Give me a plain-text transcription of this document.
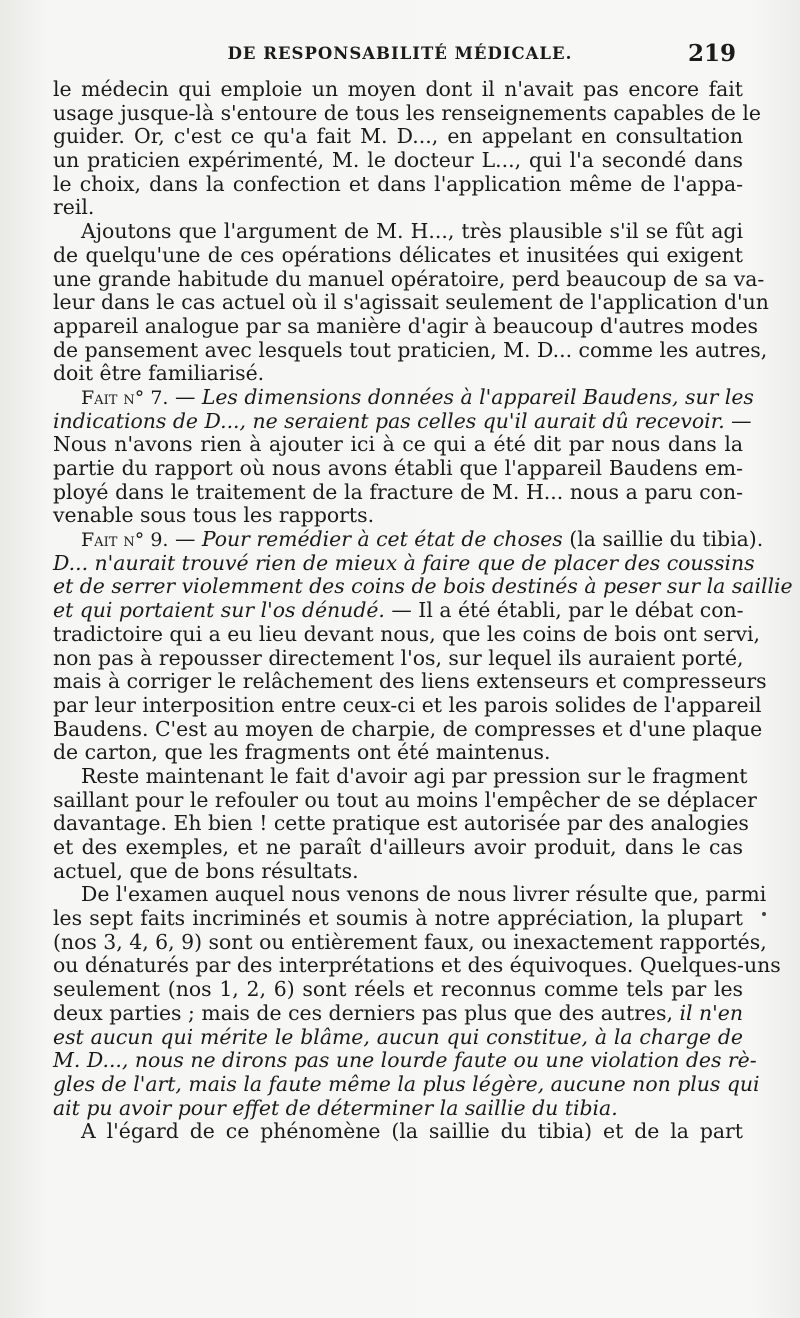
DE RESPONSABILITÉ MÉDICALE.	219
le médecin qui emploie un moyen dont il n'avait pas encore fait
usage jusque-là s'entoure de tous les renseignements capables de le
guider. Or, c'est ce qu'a fait M. D..., en appelant en consultation
un praticien expérimenté, M. le docteur L..., qui l'a secondé dans
le choix, dans la confection et dans l'application même de l'appa-
reil.
Ajoutons que l'argument de M. H..., très plausible s'il se fût agi
de quelqu'une de ces opérations délicates et inusitées qui exigent
une grande habitude du manuel opératoire, perd beaucoup de sa va-
leur dans le cas actuel où il s'agissait seulement de l'application d'un
appareil analogue par sa manière d'agir à beaucoup d'autres modes
de pansement avec lesquels tout praticien, M. D... comme les autres,
doit être familiarisé.
Fait n° 7. — Les dimensions données à l'appareil Baudens, sur les
indications de D..., ne seraient pas celles qu'il aurait dû recevoir. —
Nous n'avons rien à ajouter ici à ce qui a été dit par nous dans la
partie du rapport où nous avons établi que l'appareil Baudens em-
ployé dans le traitement de la fracture de M. H... nous a paru con-
venable sous tous les rapports.
Fait n° 9. — Pour remédier à cet état de choses (la saillie du tibia).
D... n'aurait trouvé rien de mieux à faire que de placer des coussins
et de serrer violemment des coins de bois destinés à peser sur la saillie
et qui portaient sur l'os dénudé. — Il a été établi, par le débat con-
tradictoire qui a eu lieu devant nous, que les coins de bois ont servi,
non pas à repousser directement l'os, sur lequel ils auraient porté,
mais à corriger le relâchement des liens extenseurs et compresseurs
par leur interposition entre ceux-ci et les parois solides de l'appareil
Baudens. C'est au moyen de charpie, de compresses et d'une plaque
de carton, que les fragments ont été maintenus.
Reste maintenant le fait d'avoir agi par pression sur le fragment
saillant pour le refouler ou tout au moins l'empêcher de se déplacer
davantage. Eh bien ! cette pratique est autorisée par des analogies
et des exemples, et ne paraît d'ailleurs avoir produit, dans le cas
actuel, que de bons résultats.
De l'examen auquel nous venons de nous livrer résulte que, parmi
les sept faits incriminés et soumis à notre appréciation, la plupart
(nos 3, 4, 6, 9) sont ou entièrement faux, ou inexactement rapportés,
ou dénaturés par des interprétations et des équivoques. Quelques-uns
seulement (nos 1, 2, 6) sont réels et reconnus comme tels par les
deux parties ; mais de ces derniers pas plus que des autres, il n'en
est aucun qui mérite le blâme, aucun qui constitue, à la charge de
M. D..., nous ne dirons pas une lourde faute ou une violation des rè-
gles de l'art, mais la faute même la plus légère, aucune non plus qui
ait pu avoir pour effet de déterminer la saillie du tibia.
A l'égard de ce phénomène (la saillie du tibia) et de la part
